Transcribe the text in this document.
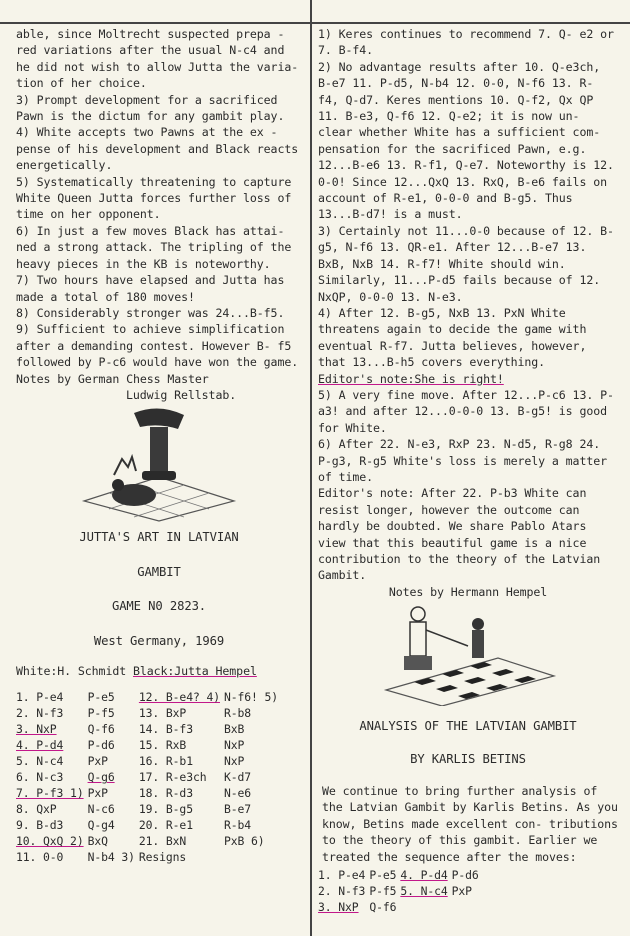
able, since Moltrecht suspected prepa - red variations after the usual N-c4 and he did not wish to allow Jutta the varia- tion of her choice.

3) Prompt development for a sacrificed Pawn is the dictum for any gambit play.

4) White accepts two Pawns at the ex - pense of his development and Black reacts energetically.

5) Systematically threatening to capture White Queen Jutta forces further loss of time on her opponent.

6) In just a few moves Black has attai- ned a strong attack. The tripling of the heavy pieces in the KB is noteworthy.

7) Two hours have elapsed and Jutta has made a total of 180 moves!

8) Considerably stronger was 24...B-f5.

9) Sufficient to achieve simplification after a demanding contest. However B- f5 followed by P-c6 would have won the game.

Notes by German Chess Master

Ludwig Rellstab.

JUTTA'S ART IN LATVIAN

GAMBIT

GAME N0 2823.

West Germany, 1969

White:H. Schmidt Black:Jutta Hempel

1. P-e4	P-e5	12. B-e4? 4)	N-f6! 5)
2. N-f3	P-f5	13. BxP	R-b8
3. NxP	Q-f6	14. B-f3	BxB
4. P-d4	P-d6	15. RxB	NxP
5. N-c4	PxP	16. R-b1	NxP
6. N-c3	Q-g6	17. R-e3ch	K-d7
7. P-f3 1)	PxP	18. R-d3	N-e6
8. QxP	N-c6	19. B-g5	B-e7
9. B-d3	Q-g4	20. R-e1	R-b4
10. QxQ 2)	BxQ	21. BxN	PxB 6)
11. 0-0	N-b4 3)	Resigns	

1) Keres continues to recommend 7. Q- e2 or 7. B-f4.

2) No advantage results after 10. Q-e3ch, B-e7 11. P-d5, N-b4 12. 0-0, N-f6 13. R- f4, Q-d7. Keres mentions 10. Q-f2, Qx QP 11. B-e3, Q-f6 12. Q-e2; it is now un- clear whether White has a sufficient com- pensation for the sacrificed Pawn, e.g. 12...B-e6 13. R-f1, Q-e7. Noteworthy is 12. 0-0! Since 12...QxQ 13. RxQ, B-e6 fails on account of R-e1, 0-0-0 and B-g5. Thus 13...B-d7! is a must.

3) Certainly not 11...0-0 because of 12. B-g5, N-f6 13. QR-e1. After 12...B-e7 13. BxB, NxB 14. R-f7! White should win. Similarly, 11...P-d5 fails because of 12. NxQP, 0-0-0 13. N-e3.

4) After 12. B-g5, NxB 13. PxN White threatens again to decide the game with eventual R-f7. Jutta believes, however, that 13...B-h5 covers everything.

Editor's note:She is right!

5) A very fine move. After 12...P-c6 13. P-a3! and after 12...0-0-0 13. B-g5! is good for White.

6) After 22. N-e3, RxP 23. N-d5, R-g8 24. P-g3, R-g5 White's loss is merely a matter of time.

Editor's note: After 22. P-b3 White can resist longer, however the outcome can hardly be doubted. We share Pablo Atars view that this beautiful game is a nice contribution to the theory of the Latvian Gambit.

Notes by Hermann Hempel

ANALYSIS OF THE LATVIAN GAMBIT

BY KARLIS BETINS

We continue to bring further analysis of the Latvian Gambit by Karlis Betins. As you know, Betins made excellent con- tributions to the theory of this gambit. Earlier we treated the sequence after the moves:

1. P-e4	P-e5	4. P-d4	P-d6
2. N-f3	P-f5	5. N-c4	PxP
3. NxP	Q-f6		
